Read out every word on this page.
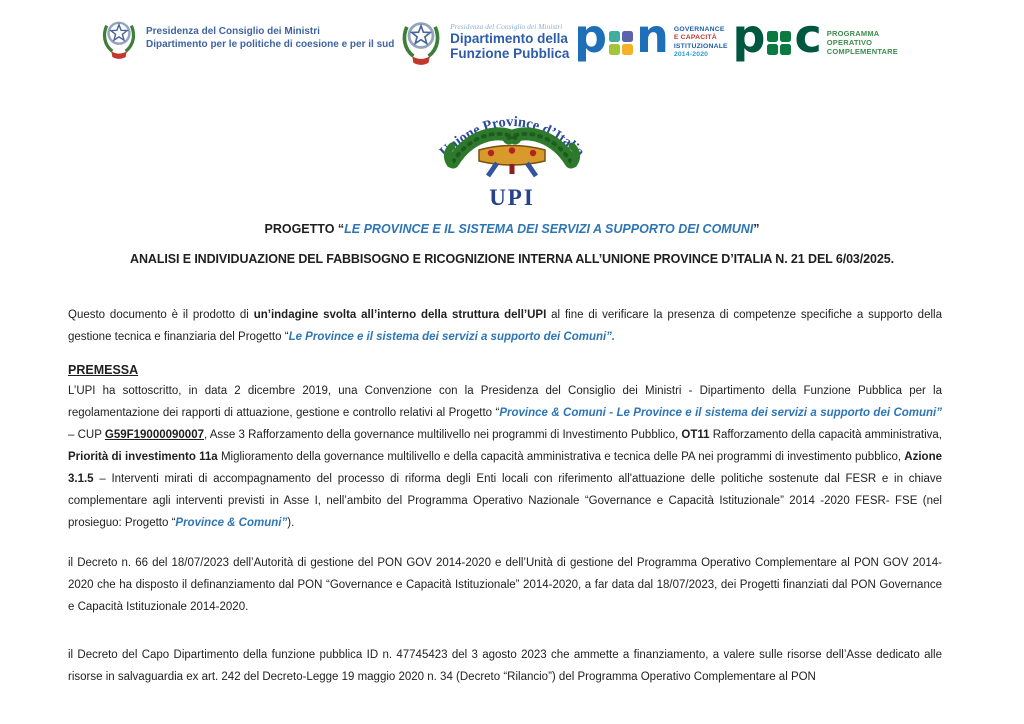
Presidenza del Consiglio dei Ministri
Dipartimento per le politiche di coesione e per il sud
Presidenza del Consiglio dei Ministri
Dipartimento della
Funzione Pubblica p n GOVERNANCE
E CAPACITÀ
ISTITUZIONALE
2014-2020 p c PROGRAMMA
OPERATIVO
COMPLEMENTARE
Unione Province d’Italia
UPI
PROGETTO “LE PROVINCE E IL SISTEMA DEI SERVIZI A SUPPORTO DEI COMUNI”
ANALISI E INDIVIDUAZIONE DEL FABBISOGNO E RICOGNIZIONE INTERNA ALL’UNIONE PROVINCE D’ITALIA N. 21 DEL 6/03/2025.

Questo documento è il prodotto di un’indagine svolta all’interno della struttura dell’UPI al fine di verificare la presenza di competenze specifiche a supporto della gestione tecnica e finanziaria del Progetto “Le Province e il sistema dei servizi a supporto dei Comuni”.

PREMESSA

L’UPI ha sottoscritto, in data 2 dicembre 2019, una Convenzione con la Presidenza del Consiglio dei Ministri - Dipartimento della Funzione Pubblica per la regolamentazione dei rapporti di attuazione, gestione e controllo relativi al Progetto “Province & Comuni - Le Province e il sistema dei servizi a supporto dei Comuni” – CUP G59F19000090007, Asse 3 Rafforzamento della governance multilivello nei programmi di Investimento Pubblico, OT11 Rafforzamento della capacità amministrativa, Priorità di investimento 11a Miglioramento della governance multilivello e della capacità amministrativa e tecnica delle PA nei programmi di investimento pubblico, Azione 3.1.5 – Interventi mirati di accompagnamento del processo di riforma degli Enti locali con riferimento all'attuazione delle politiche sostenute dal FESR e in chiave complementare agli interventi previsti in Asse I, nell’ambito del Programma Operativo Nazionale “Governance e Capacità Istituzionale” 2014 -2020 FESR- FSE (nel prosieguo: Progetto “Province & Comuni”).

il Decreto n. 66 del 18/07/2023 dell’Autorità di gestione del PON GOV 2014-2020 e dell’Unità di gestione del Programma Operativo Complementare al PON GOV 2014-2020 che ha disposto il definanziamento dal PON “Governance e Capacità Istituzionale” 2014-2020, a far data dal 18/07/2023, dei Progetti finanziati dal PON Governance e Capacità Istituzionale 2014-2020.

il Decreto del Capo Dipartimento della funzione pubblica ID n. 47745423 del 3 agosto 2023 che ammette a finanziamento, a valere sulle risorse dell’Asse dedicato alle risorse in salvaguardia ex art. 242 del Decreto-Legge 19 maggio 2020 n. 34 (Decreto “Rilancio”) del Programma Operativo Complementare al PON
